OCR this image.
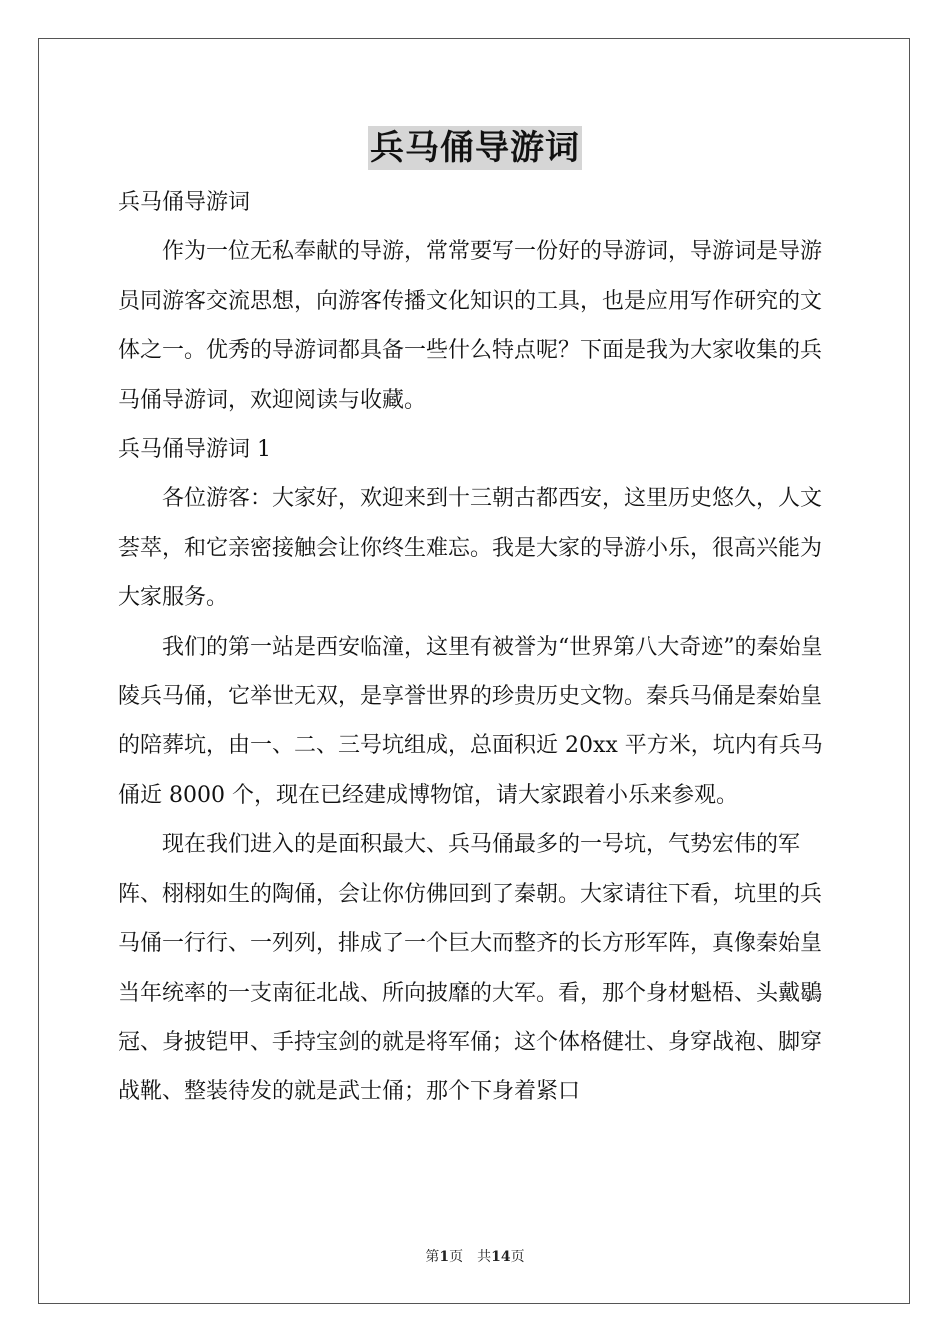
兵马俑导游词

兵马俑导游词

作为一位无私奉献的导游，常常要写一份好的导游词，导游词是导游员同游客交流思想，向游客传播文化知识的工具，也是应用写作研究的文体之一。优秀的导游词都具备一些什么特点呢？下面是我为大家收集的兵马俑导游词，欢迎阅读与收藏。

兵马俑导游词 1

各位游客：大家好，欢迎来到十三朝古都西安，这里历史悠久，人文荟萃，和它亲密接触会让你终生难忘。我是大家的导游小乐，很高兴能为大家服务。

我们的第一站是西安临潼，这里有被誉为“世界第八大奇迹”的秦始皇陵兵马俑，它举世无双，是享誉世界的珍贵历史文物。秦兵马俑是秦始皇的陪葬坑，由一、二、三号坑组成，总面积近 20xx 平方米，坑内有兵马俑近 8000 个，现在已经建成博物馆，请大家跟着小乐来参观。

现在我们进入的是面积最大、兵马俑最多的一号坑，气势宏伟的军阵、栩栩如生的陶俑，会让你仿佛回到了秦朝。大家请往下看，坑里的兵马俑一行行、一列列，排成了一个巨大而整齐的长方形军阵，真像秦始皇当年统率的一支南征北战、所向披靡的大军。看，那个身材魁梧、头戴鶡冠、身披铠甲、手持宝剑的就是将军俑；这个体格健壮、身穿战袍、脚穿战靴、整装待发的就是武士俑；那个下身着紧口

第1页　共14页
